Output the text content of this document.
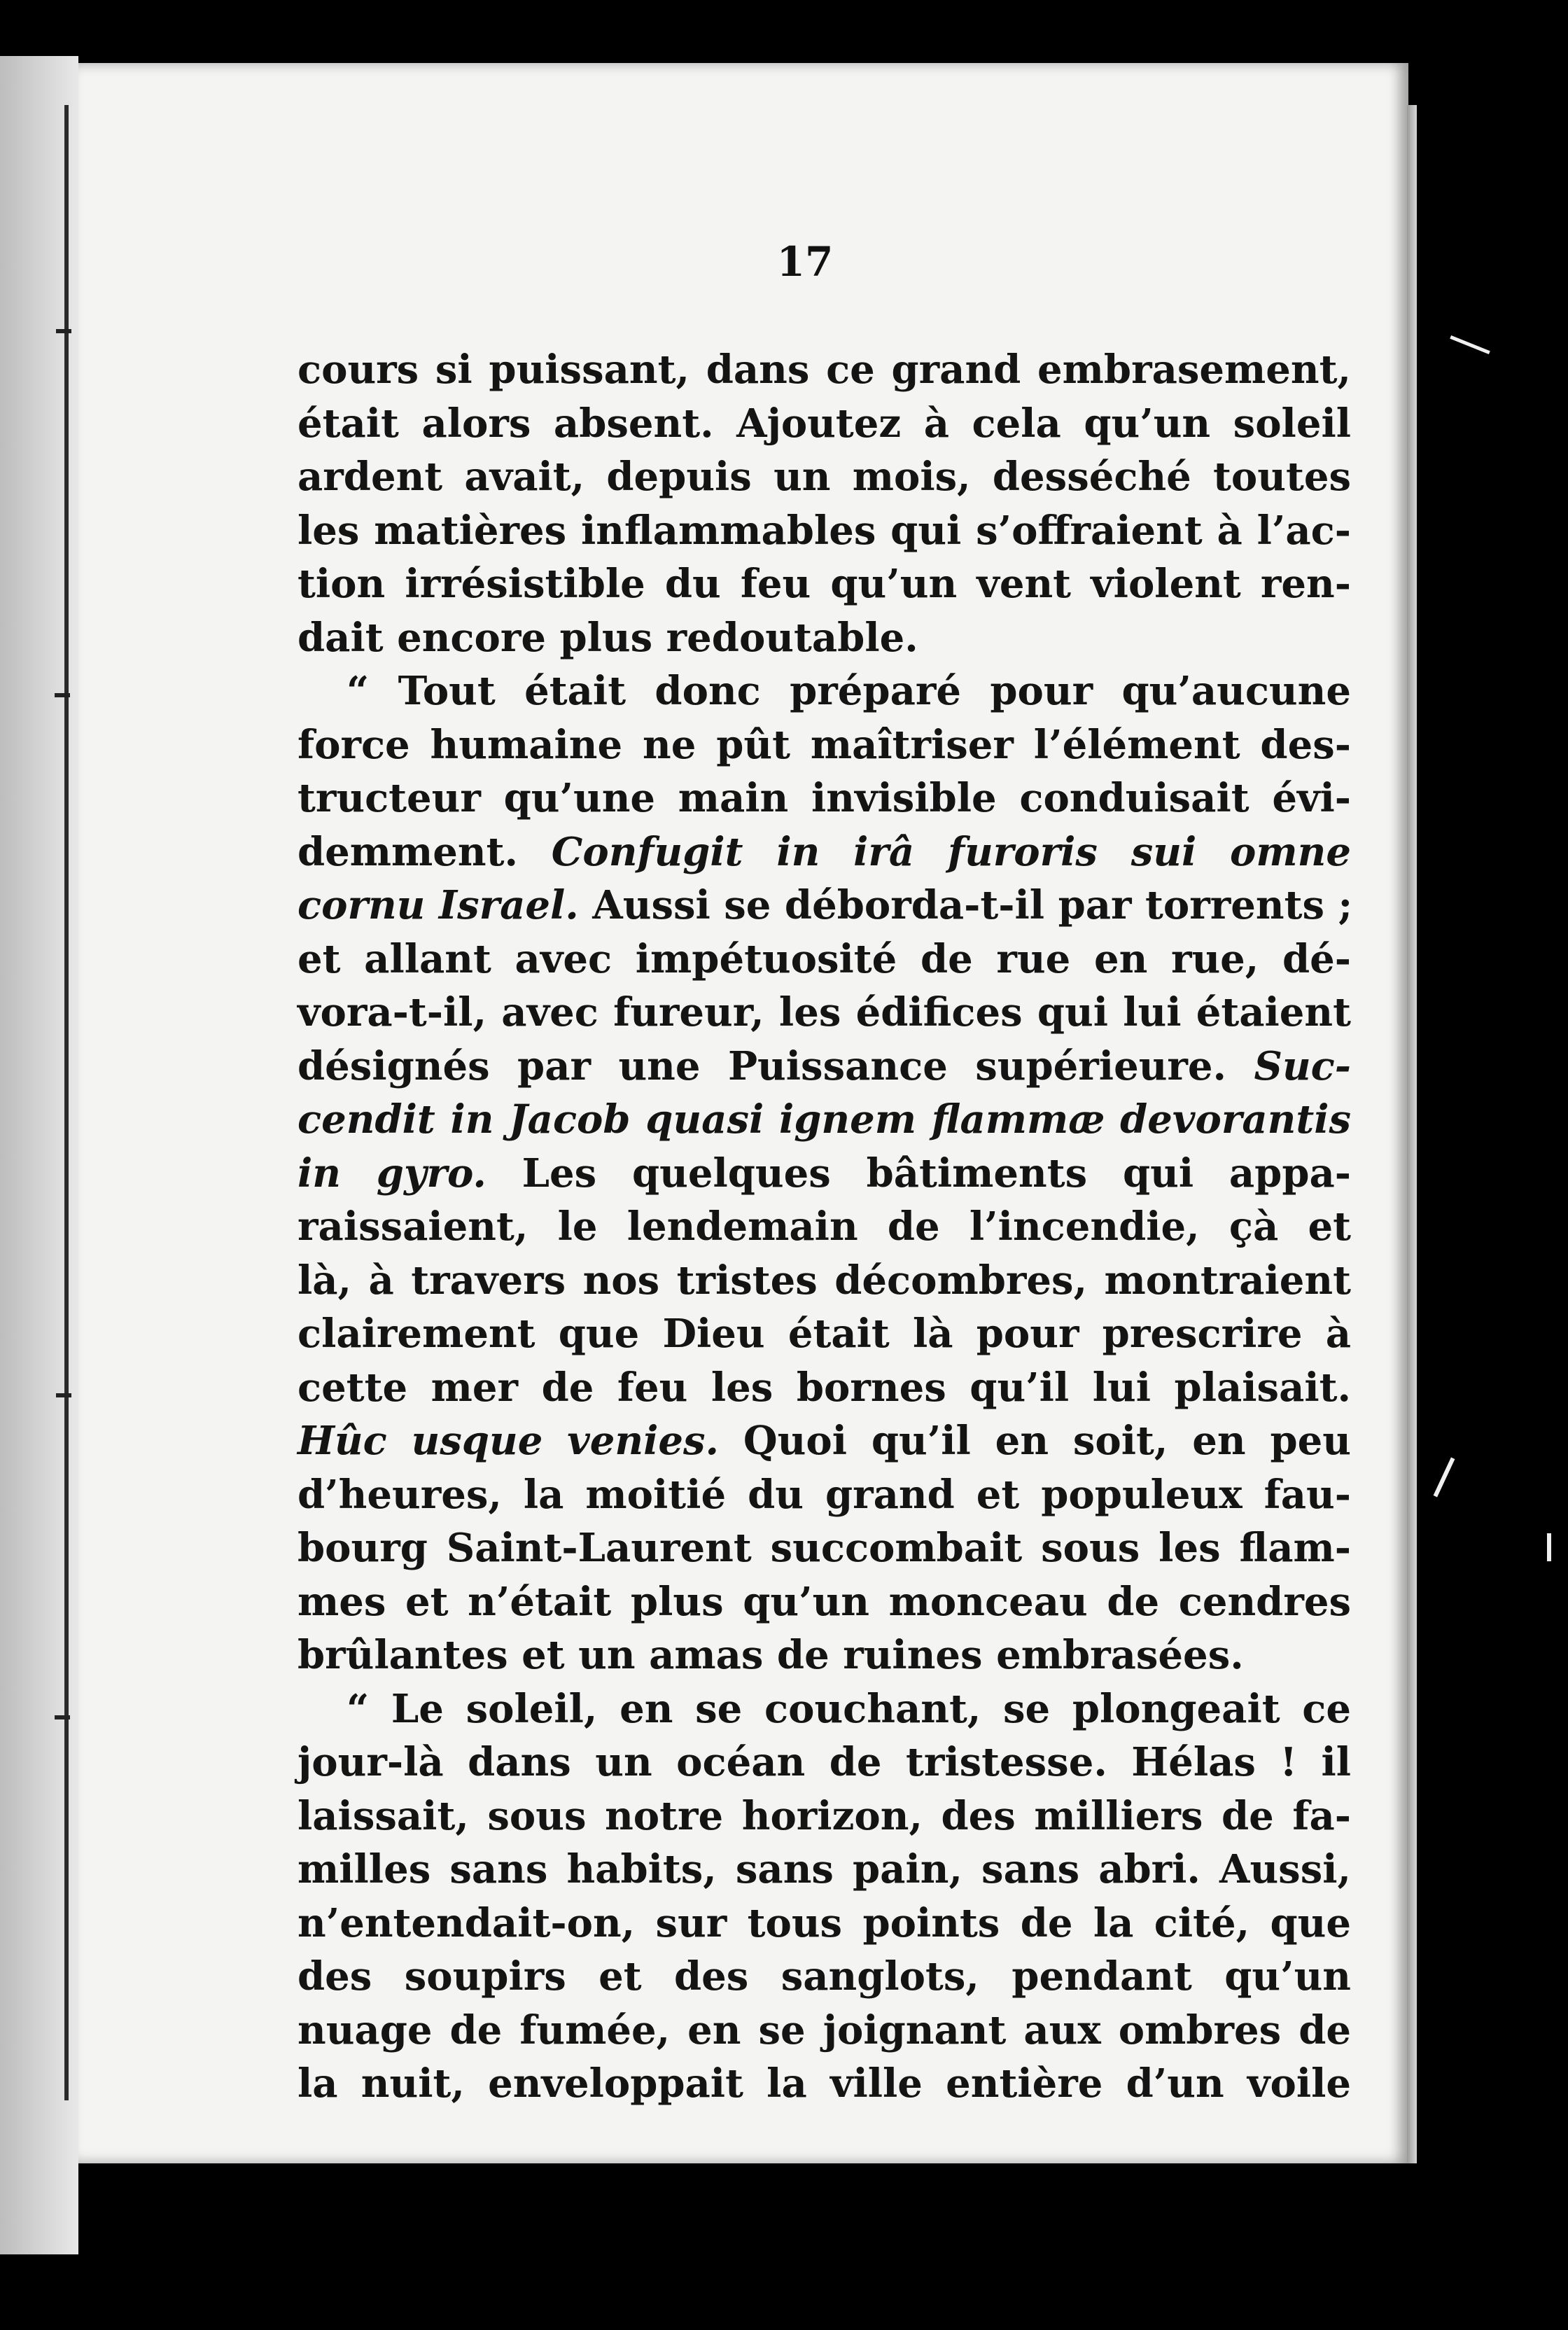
17
cours si puissant, dans ce grand embrasement,
était alors absent. Ajoutez à cela qu’un soleil
ardent avait, depuis un mois, desséché toutes
les matières inflammables qui s’offraient à l’ac-
tion irrésistible du feu qu’un vent violent ren-
dait encore plus redoutable.
“ Tout était donc préparé pour qu’aucune
force humaine ne pût maîtriser l’élément des-
tructeur qu’une main invisible conduisait évi-
demment. Confugit in irâ furoris sui omne
cornu Israel. Aussi se déborda-t-il par torrents ;
et allant avec impétuosité de rue en rue, dé-
vora-t-il, avec fureur, les édifices qui lui étaient
désignés par une Puissance supérieure. Suc-
cendit in Jacob quasi ignem flammæ devorantis
in gyro. Les quelques bâtiments qui appa-
raissaient, le lendemain de l’incendie, çà et
là, à travers nos tristes décombres, montraient
clairement que Dieu était là pour prescrire à
cette mer de feu les bornes qu’il lui plaisait.
Hûc usque venies. Quoi qu’il en soit, en peu
d’heures, la moitié du grand et populeux fau-
bourg Saint-Laurent succombait sous les flam-
mes et n’était plus qu’un monceau de cendres
brûlantes et un amas de ruines embrasées.
“ Le soleil, en se couchant, se plongeait ce
jour-là dans un océan de tristesse. Hélas ! il
laissait, sous notre horizon, des milliers de fa-
milles sans habits, sans pain, sans abri. Aussi,
n’entendait-on, sur tous points de la cité, que
des soupirs et des sanglots, pendant qu’un
nuage de fumée, en se joignant aux ombres de
la nuit, enveloppait la ville entière d’un voile
